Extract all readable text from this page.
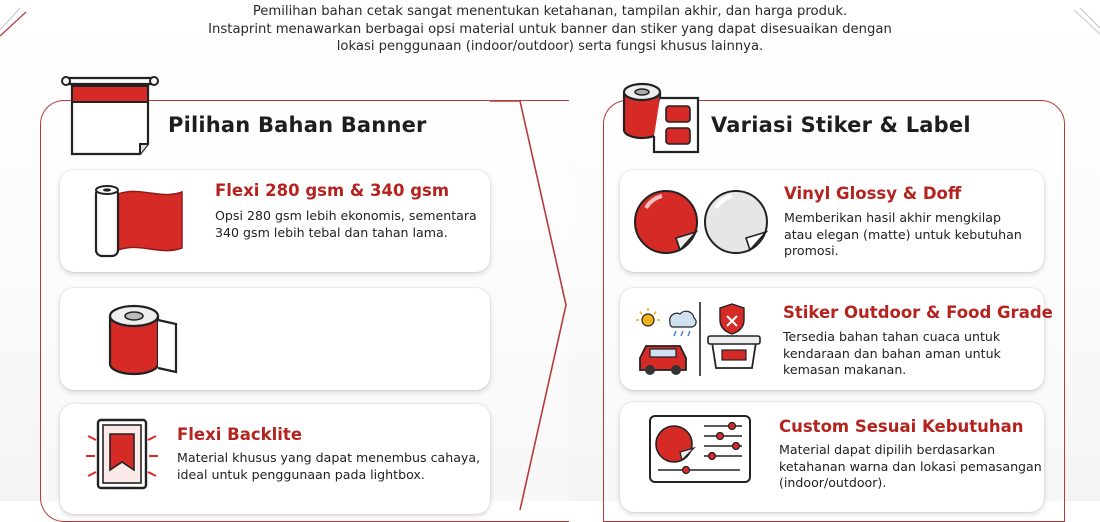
Pemilihan bahan cetak sangat menentukan ketahanan, tampilan akhir, dan harga produk.

Instaprint menawarkan berbagai opsi material untuk banner dan stiker yang dapat disesuaikan dengan

lokasi penggunaan (indoor/outdoor) serta fungsi khusus lainnya.

Pilihan Bahan Banner
Flexi 280 gsm & 340 gsm
Opsi 280 gsm lebih ekonomis, sementara
340 gsm lebih tebal dan tahan lama.
Flexi Backlite
Material khusus yang dapat menembus cahaya,
ideal untuk penggunaan pada lightbox.
Variasi Stiker & Label
Vinyl Glossy & Doff
Memberikan hasil akhir mengkilap
atau elegan (matte) untuk kebutuhan
promosi.
Stiker Outdoor & Food Grade
Tersedia bahan tahan cuaca untuk
kendaraan dan bahan aman untuk
kemasan makanan.
Custom Sesuai Kebutuhan
Material dapat dipilih berdasarkan
ketahanan warna dan lokasi pemasangan
(indoor/outdoor).
